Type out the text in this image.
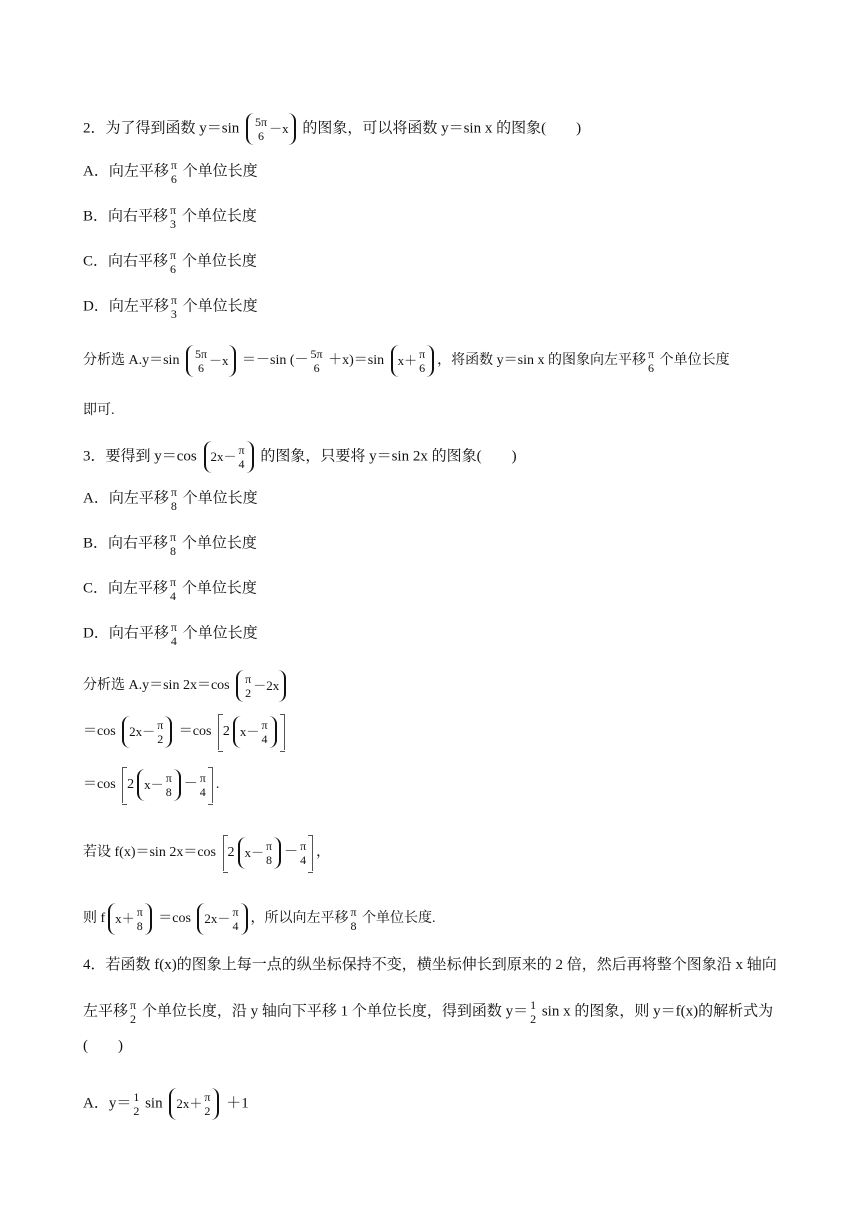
2．为了得到函数 y＝sin 5π
6 －x 的图象，可以将函数 y＝sin x 的图象(　　)
A．向左平移 π
6 个单位长度
B．向右平移 π
3 个单位长度
C．向右平移 π
6 个单位长度
D．向左平移 π
3 个单位长度
分析选 A.y＝sin 5π
6 －x ＝－sin (－ 5π
6 ＋x)＝sin x＋ π
6 ，将函数 y＝sin x 的图象向左平移 π
6 个单位长度
即可.
3．要得到 y＝cos 2x－ π
4 的图象，只要将 y＝sin 2x 的图象(　　)
A．向左平移 π
8 个单位长度
B．向右平移 π
8 个单位长度
C．向左平移 π
4 个单位长度
D．向右平移 π
4 个单位长度
分析选 A.y＝sin 2x＝cos π
2 －2x
＝cos 2x－ π
2 ＝cos 2 x－ π
4
＝cos 2 x－ π
8 － π
4 .
若设 f(x)＝sin 2x＝cos 2 x－ π
8 － π
4 ，
则 f x＋ π
8 ＝cos 2x－ π
4 ，所以向左平移 π
8 个单位长度.
4．若函数 f(x)的图象上每一点的纵坐标保持不变，横坐标伸长到原来的 2 倍，然后再将整个图象沿 x 轴向
左平移 π
2 个单位长度，沿 y 轴向下平移 1 个单位长度，得到函数 y＝ 1
2 sin x 的图象，则 y＝f(x)的解析式为
(　　)
A．y＝ 1
2 sin 2x＋ π
2 ＋1
